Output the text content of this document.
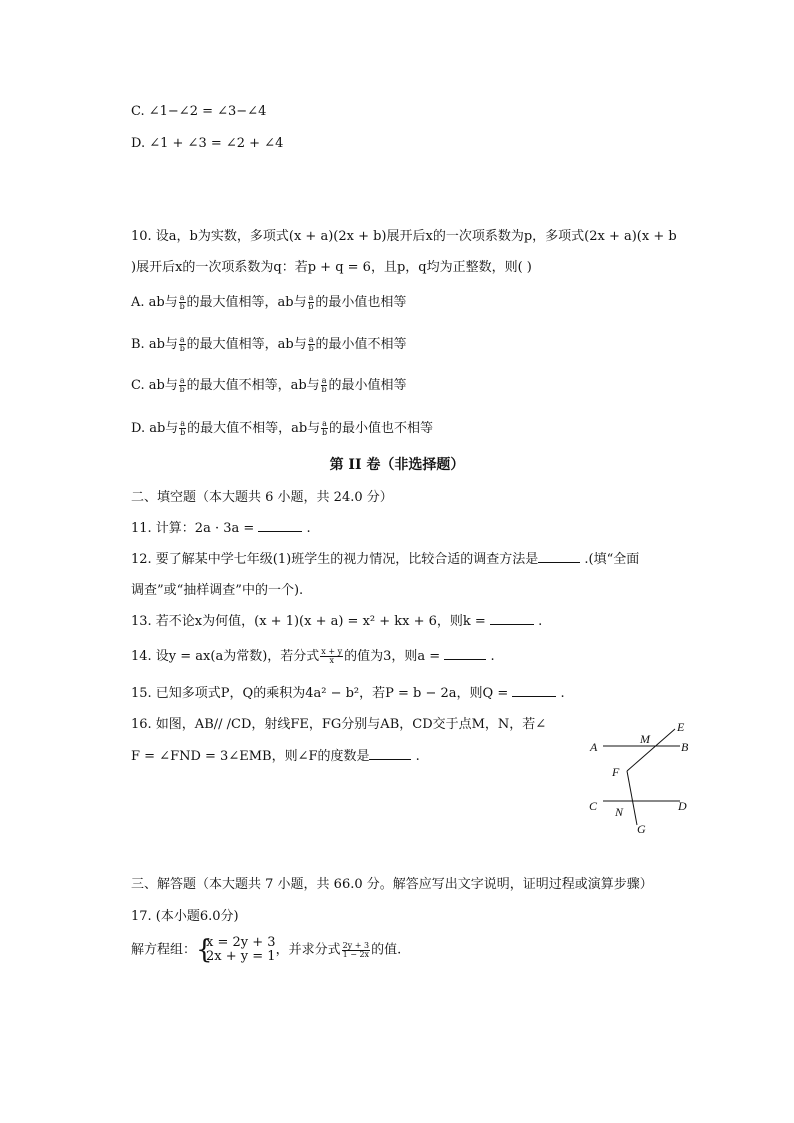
C. ∠1−∠2 = ∠3−∠4
D. ∠1 + ∠3 = ∠2 + ∠4
10. 设a，b为实数，多项式(x + a)(2x + b)展开后x的一次项系数为p，多项式(2x + a)(x + b
)展开后x的一次项系数为q：若p + q = 6，且p，q均为正整数，则( )
A. ab与 $\frac{a}{b}$ 的最大值相等，ab与 $\frac{a}{b}$ 的最小值也相等
B. ab与 $\frac{a}{b}$ 的最大值相等，ab与 $\frac{a}{b}$ 的最小值不相等
C. ab与 $\frac{a}{b}$ 的最大值不相等，ab与 $\frac{a}{b}$ 的最小值相等
D. ab与 $\frac{a}{b}$ 的最大值不相等，ab与 $\frac{a}{b}$ 的最小值也不相等
第 II 卷（非选择题）
二、填空题（本大题共 6 小题，共 24.0 分）
11. 计算：2a · 3a =	.
12. 要了解某中学七年级(1)班学生的视力情况，比较合适的调查方法是	.(填“全面
调查”或“抽样调查”中的一个).
13. 若不论x为何值，(x + 1)(x + a) = x² + kx + 6，则k =	.
14. 设y = ax(a为常数)，若分式 $\frac{x + y}{x}$ 的值为3，则a =	.
15. 已知多项式P，Q的乘积为4a² − b²，若P = b − 2a，则Q =	.
16. 如图，AB// /CD，射线FE，FG分别与AB，CD交于点M，N，若∠
F = ∠FND = 3∠EMB，则∠F的度数是	.
A	B
C	D
E
F
G
M
N
三、解答题（本大题共 7 小题，共 66.0 分。解答应写出文字说明，证明过程或演算步骤）
17. (本小题6.0分)
解方程组： {
x = 2y + 3
2x + y = 1 ，并求分式 $\frac{2y + 3}{1 - 2x}$ 的值.
